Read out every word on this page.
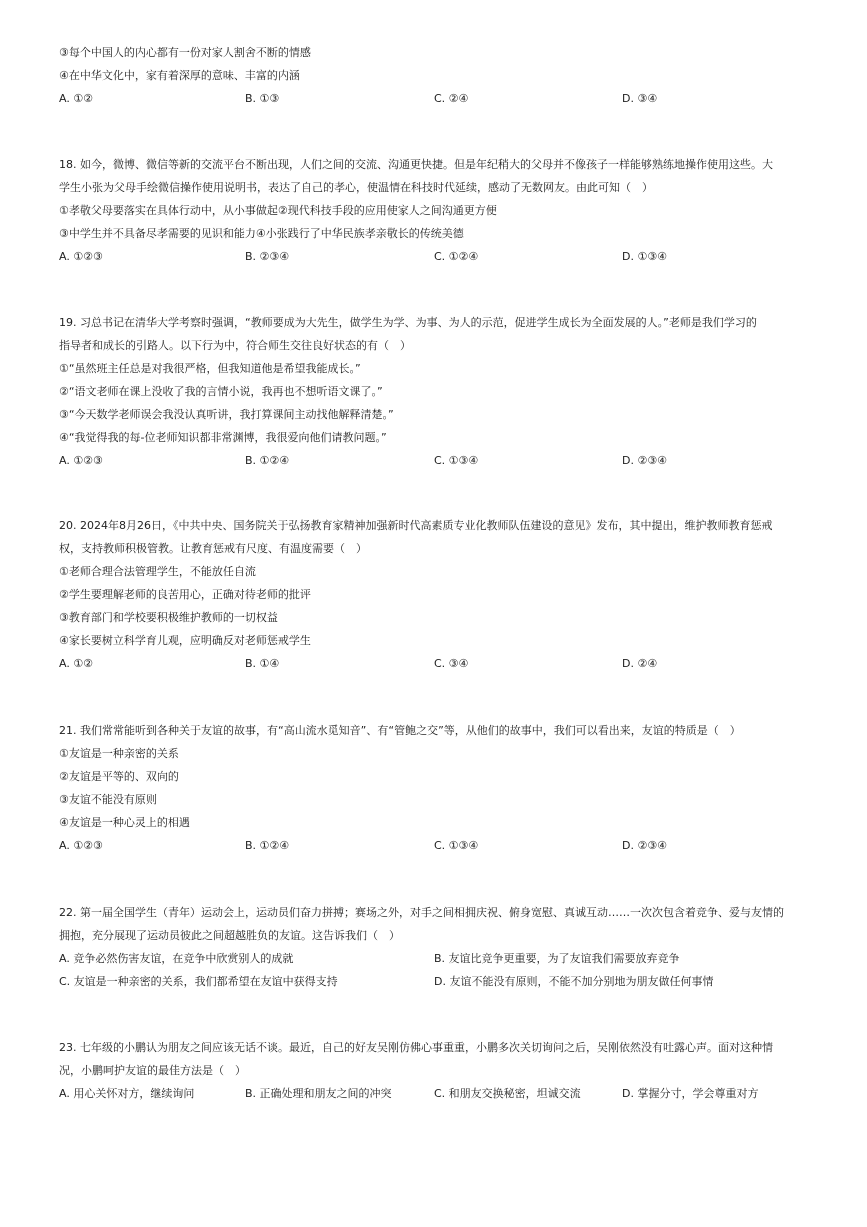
③每个中国人的内心都有一份对家人割舍不断的情感
④在中华文化中，家有着深厚的意味、丰富的内涵
A. ①②	B. ①③	C. ②④	D. ③④
18. 如今，微博、微信等新的交流平台不断出现，人们之间的交流、沟通更快捷。但是年纪稍大的父母并不像孩子一样能够熟练地操作使用这些。大
学生小张为父母手绘微信操作使用说明书，表达了自己的孝心，使温情在科技时代延续，感动了无数网友。由此可知（　）
①孝敬父母要落实在具体行动中，从小事做起②现代科技手段的应用使家人之间沟通更方便
③中学生并不具备尽孝需要的见识和能力④小张践行了中华民族孝亲敬长的传统美德
A. ①②③	B. ②③④	C. ①②④	D. ①③④
19. 习总书记在清华大学考察时强调，“教师要成为大先生，做学生为学、为事、为人的示范，促进学生成长为全面发展的人。”老师是我们学习的
指导者和成长的引路人。以下行为中，符合师生交往良好状态的有（　）
①“虽然班主任总是对我很严格，但我知道他是希望我能成长。”
②“语文老师在课上没收了我的言情小说，我再也不想听语文课了。”
③“今天数学老师误会我没认真听讲，我打算课间主动找他解释清楚。”
④“我觉得我的每-位老师知识都非常渊博，我很爱向他们请教问题。”
A. ①②③	B. ①②④	C. ①③④	D. ②③④
20. 2024年8月26日，《中共中央、国务院关于弘扬教育家精神加强新时代高素质专业化教师队伍建设的意见》发布，其中提出，维护教师教育惩戒
权，支持教师积极管教。让教育惩戒有尺度、有温度需要（　）
①老师合理合法管理学生，不能放任自流
②学生要理解老师的良苦用心，正确对待老师的批评
③教育部门和学校要积极维护教师的一切权益
④家长要树立科学育儿观，应明确反对老师惩戒学生
A. ①②	B. ①④	C. ③④	D. ②④
21. 我们常常能听到各种关于友谊的故事，有“高山流水觅知音”、有“管鲍之交”等，从他们的故事中，我们可以看出来，友谊的特质是（　）
①友谊是一种亲密的关系
②友谊是平等的、双向的
③友谊不能没有原则
④友谊是一种心灵上的相遇
A. ①②③	B. ①②④	C. ①③④	D. ②③④
22. 第一届全国学生（青年）运动会上，运动员们奋力拼搏；赛场之外，对手之间相拥庆祝、俯身宽慰、真诚互动……一次次包含着竞争、爱与友情的
拥抱，充分展现了运动员彼此之间超越胜负的友谊。这告诉我们（　）
A. 竞争必然伤害友谊，在竞争中欣赏别人的成就	B. 友谊比竞争更重要，为了友谊我们需要放弃竞争
C. 友谊是一种亲密的关系，我们都希望在友谊中获得支持	D. 友谊不能没有原则，不能不加分别地为朋友做任何事情
23. 七年级的小鹏认为朋友之间应该无话不谈。最近，自己的好友吴刚仿佛心事重重，小鹏多次关切询问之后，吴刚依然没有吐露心声。面对这种情
况，小鹏呵护友谊的最佳方法是（　）
A. 用心关怀对方，继续询问	B. 正确处理和朋友之间的冲突	C. 和朋友交换秘密，坦诚交流	D. 掌握分寸，学会尊重对方
